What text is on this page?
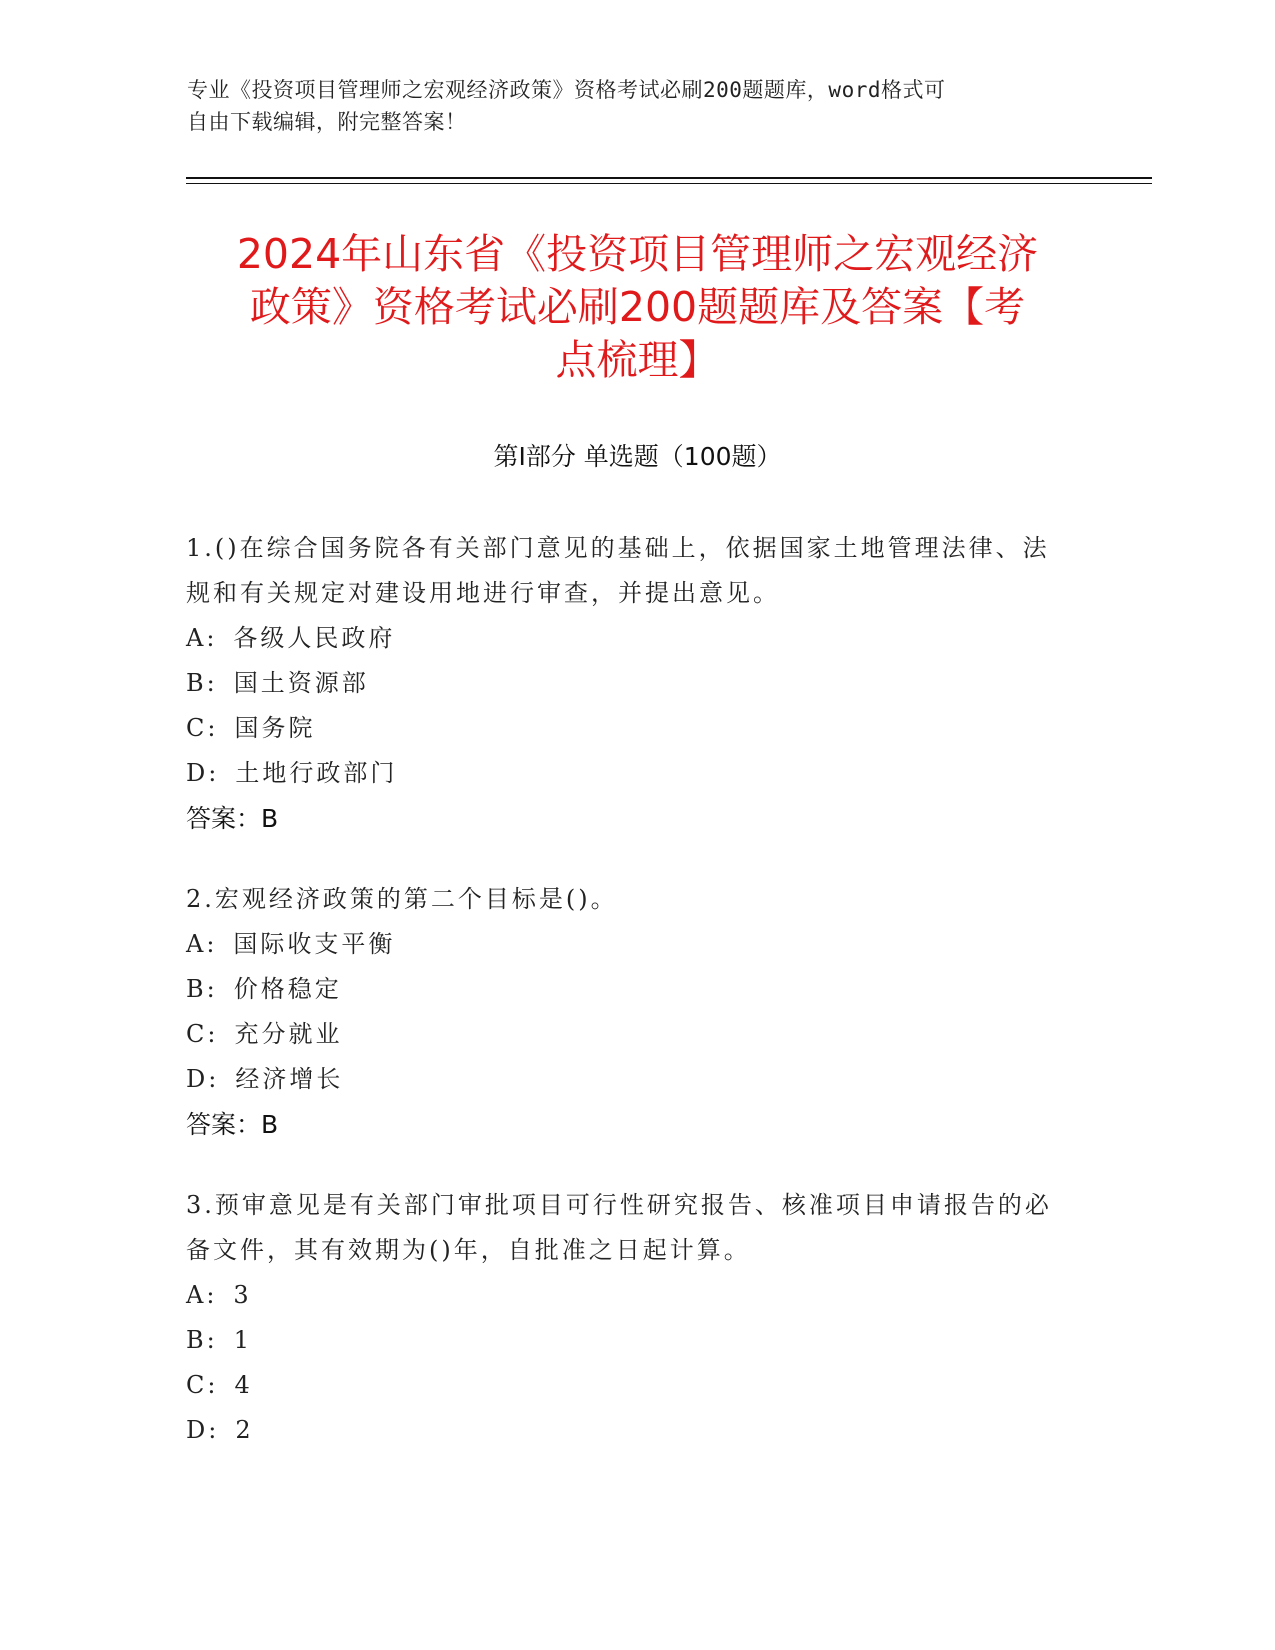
专业《投资项目管理师之宏观经济政策》资格考试必刷200题题库，word格式可
自由下载编辑，附完整答案！
2024年山东省《投资项目管理师之宏观经济
政策》资格考试必刷200题题库及答案【考
点梳理】
第I部分 单选题（100题）

1.()在综合国务院各有关部门意见的基础上，依据国家土地管理法律、法规和有关规定对建设用地进行审查，并提出意见。

A: 各级人民政府
B: 国土资源部
C: 国务院
D: 土地行政部门
答案：B

2.宏观经济政策的第二个目标是()。

A: 国际收支平衡
B: 价格稳定
C: 充分就业
D: 经济增长
答案：B

3.预审意见是有关部门审批项目可行性研究报告、核准项目申请报告的必备文件，其有效期为()年，自批准之日起计算。

A: 3
B: 1
C: 4
D: 2
